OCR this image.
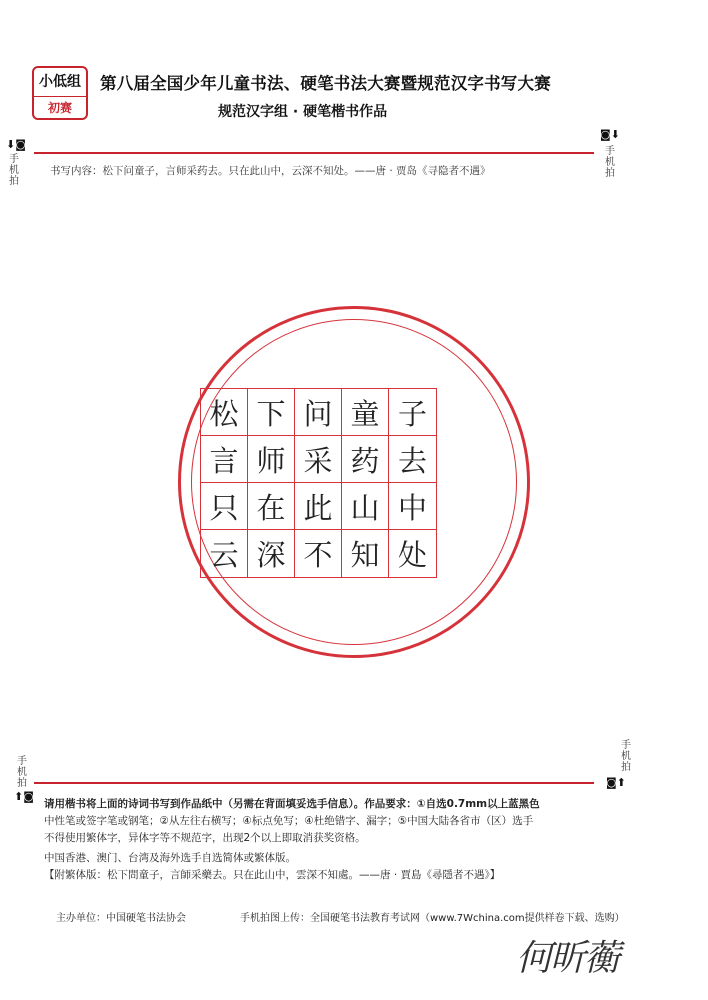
小低组
初赛
第八届全国少年儿童书法、硬笔书法大赛暨规范汉字书写大赛
规范汉字组 · 硬笔楷书作品
⬇◙
◙⬇
手机拍
手机拍
书写内容：松下问童子，言师采药去。只在此山中，云深不知处。——唐 · 贾岛《寻隐者不遇》
松 下 问 童 子
言 师 采 药 去
只 在 此 山 中
云 深 不 知 处
手机拍
手机拍
⬆◙
◙⬆
请用楷书将上面的诗词书写到作品纸中（另需在背面填妥选手信息）。作品要求：①自选0.7mm以上蓝黑色
中性笔或签字笔或钢笔；②从左往右横写；④标点免写；④杜绝错字、漏字；⑤中国大陆各省市（区）选手
不得使用繁体字，异体字等不规范字，出现2个以上即取消获奖资格。
中国香港、澳门、台湾及海外选手自选简体或繁体版。
【附繁体版：松下問童子，言師采藥去。只在此山中，雲深不知處。——唐 · 賈島《尋隱者不遇》】
主办单位：中国硬笔书法协会	手机拍图上传：全国硬笔书法教育考试网（www.7Wchina.com提供样卷下载、选购）
何昕蘅
